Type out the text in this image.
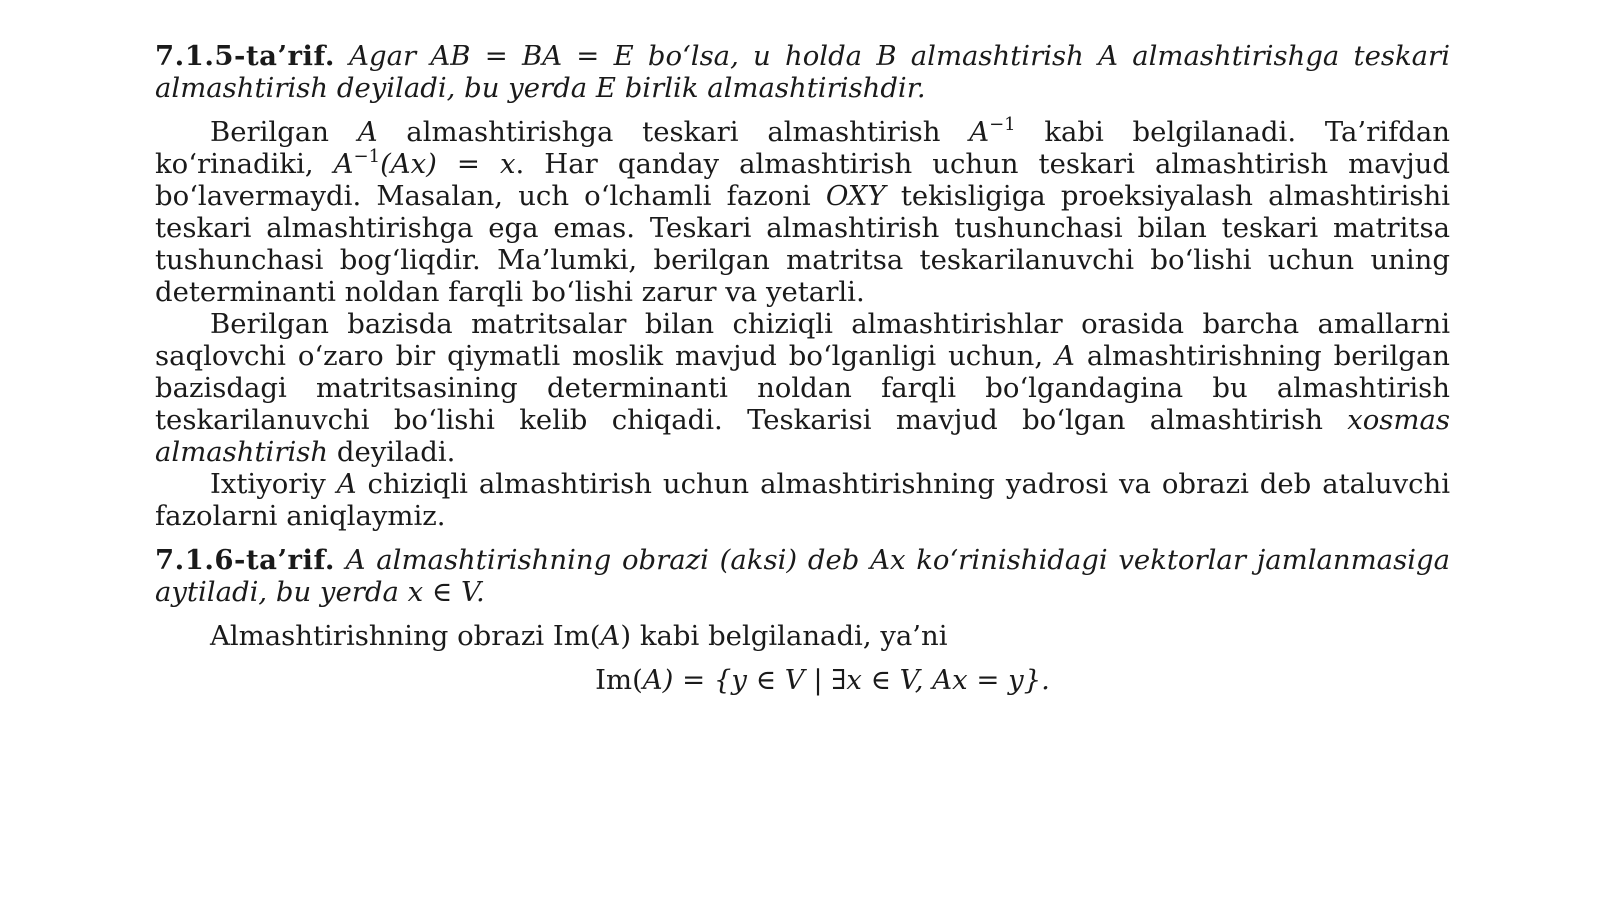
7.1.5-ta’rif. Agar AB = BA = E bo‘lsa, u holda B almashtirish A almashtirishga teskari almashtirish deyiladi, bu yerda E birlik almashtirishdir.

Berilgan A almashtirishga teskari almashtirish $A^{-1}$ kabi belgilanadi. Ta’rifdan ko‘rinadiki, $A^{-1}(Ax) = x$. Har qanday almashtirish uchun teskari almashtirish mavjud bo‘lavermaydi. Masalan, uch o‘lchamli fazoni OXY tekisligiga proeksiyalash almashtirishi teskari almashtirishga ega emas. Teskari almashtirish tushunchasi bilan teskari matritsa tushunchasi bog‘liqdir. Ma’lumki, berilgan matritsa teskarilanuvchi bo‘lishi uchun uning determinanti noldan farqli bo‘lishi zarur va yetarli.

Berilgan bazisda matritsalar bilan chiziqli almashtirishlar orasida barcha amallarni saqlovchi o‘zaro bir qiymatli moslik mavjud bo‘lganligi uchun, A almashtirishning berilgan bazisdagi matritsasining determinanti noldan farqli bo‘lgandagina bu almashtirish teskarilanuvchi bo‘lishi kelib chiqadi. Teskarisi mavjud bo‘lgan almashtirish xosmas almashtirish deyiladi.

Ixtiyoriy A chiziqli almashtirish uchun almashtirishning yadrosi va obrazi deb ataluvchi fazolarni aniqlaymiz.

7.1.6-ta’rif. A almashtirishning obrazi (aksi) deb Ax ko‘rinishidagi vektorlar jamlanmasiga aytiladi, bu yerda x ∈ V.

Almashtirishning obrazi Im(A) kabi belgilanadi, ya’ni

Im(A) = {y ∈ V | ∃x ∈ V, Ax = y}.
